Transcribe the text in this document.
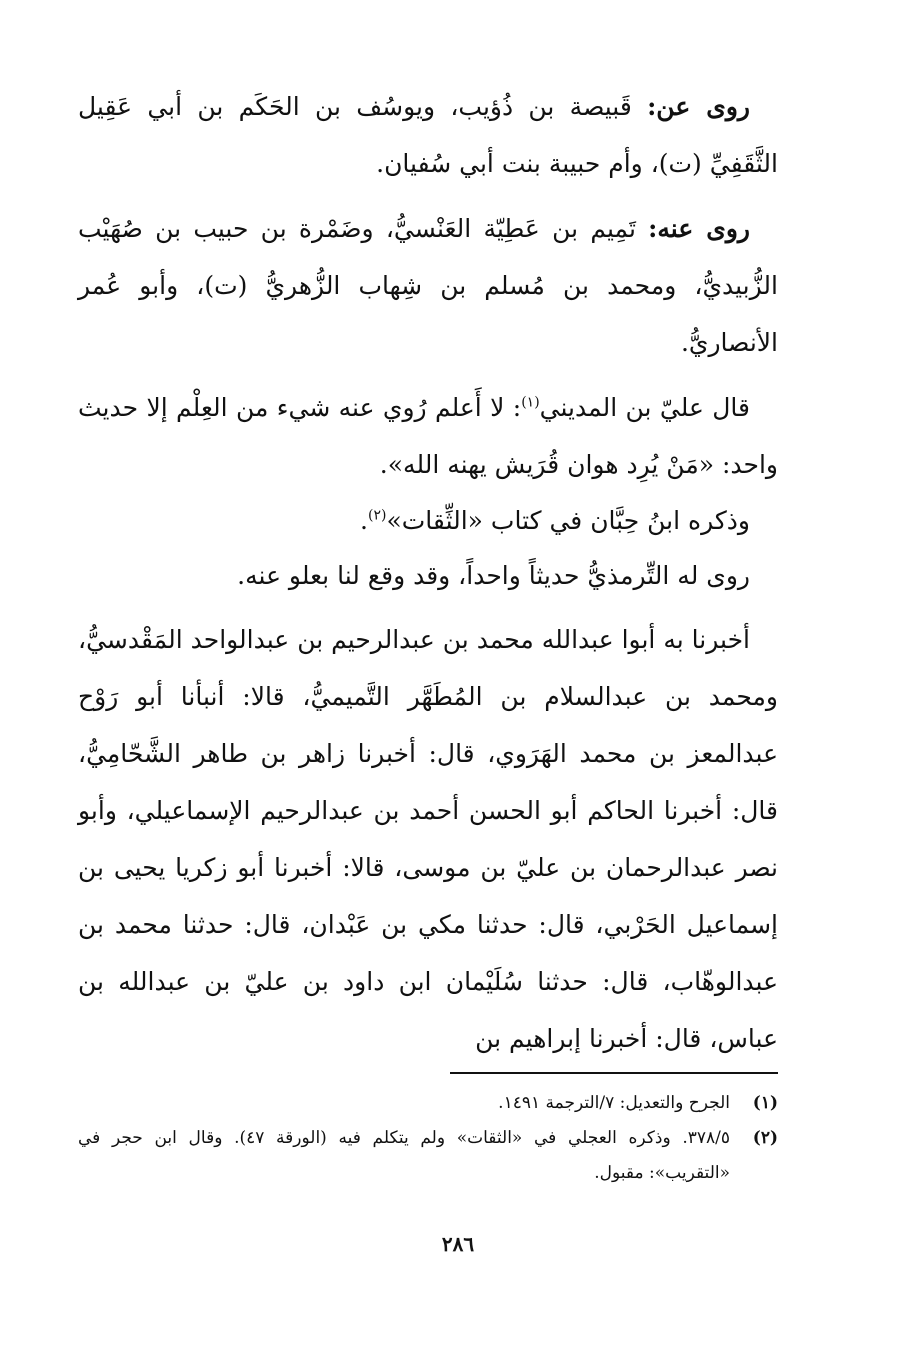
روى عن: قَبيصة بن ذُؤيب، ويوسُف بن الحَكَم بن أبي عَقِيل الثَّقَفِيِّ (ت)، وأم حبيبة بنت أبي سُفيان.

روى عنه: تَمِيم بن عَطِيّة العَنْسيُّ، وضَمْرة بن حبيب بن صُهَيْب الزُّبيديُّ، ومحمد بن مُسلم بن شِهاب الزُّهريُّ (ت)، وأبو عُمر الأنصاريُّ.

قال عليّ بن المديني$^{(١)}$: لا أَعلم رُوي عنه شيء من العِلْم إلا حديث واحد: «مَنْ يُرِد هوان قُرَيش يهنه الله».

وذكره ابنُ حِبَّان في كتاب «الثِّقات»$^{(٢)}$.

روى له التِّرمذيُّ حديثاً واحداً، وقد وقع لنا بعلو عنه.

أخبرنا به أبوا عبدالله محمد بن عبدالرحيم بن عبدالواحد المَقْدسيُّ، ومحمد بن عبدالسلام بن المُطَهَّر التَّميميُّ، قالا: أنبأنا أبو رَوْح عبدالمعز بن محمد الهَرَوي، قال: أخبرنا زاهر بن طاهر الشَّحّامِيُّ، قال: أخبرنا الحاكم أبو الحسن أحمد بن عبدالرحيم الإسماعيلي، وأبو نصر عبدالرحمان بن عليّ بن موسى، قالا: أخبرنا أبو زكريا يحيى بن إسماعيل الحَرْبي، قال: حدثنا مكي بن عَبْدان، قال: حدثنا محمد بن عبدالوهّاب، قال: حدثنا سُلَيْمان ابن داود بن عليّ بن عبدالله بن عباس، قال: أخبرنا إبراهيم بن

(١)
الجرح والتعديل: ٧/الترجمة ١٤٩١.
(٢)
٣٧٨/٥. وذكره العجلي في «الثقات» ولم يتكلم فيه (الورقة ٤٧). وقال ابن حجر في «التقريب»: مقبول.
٢٨٦
